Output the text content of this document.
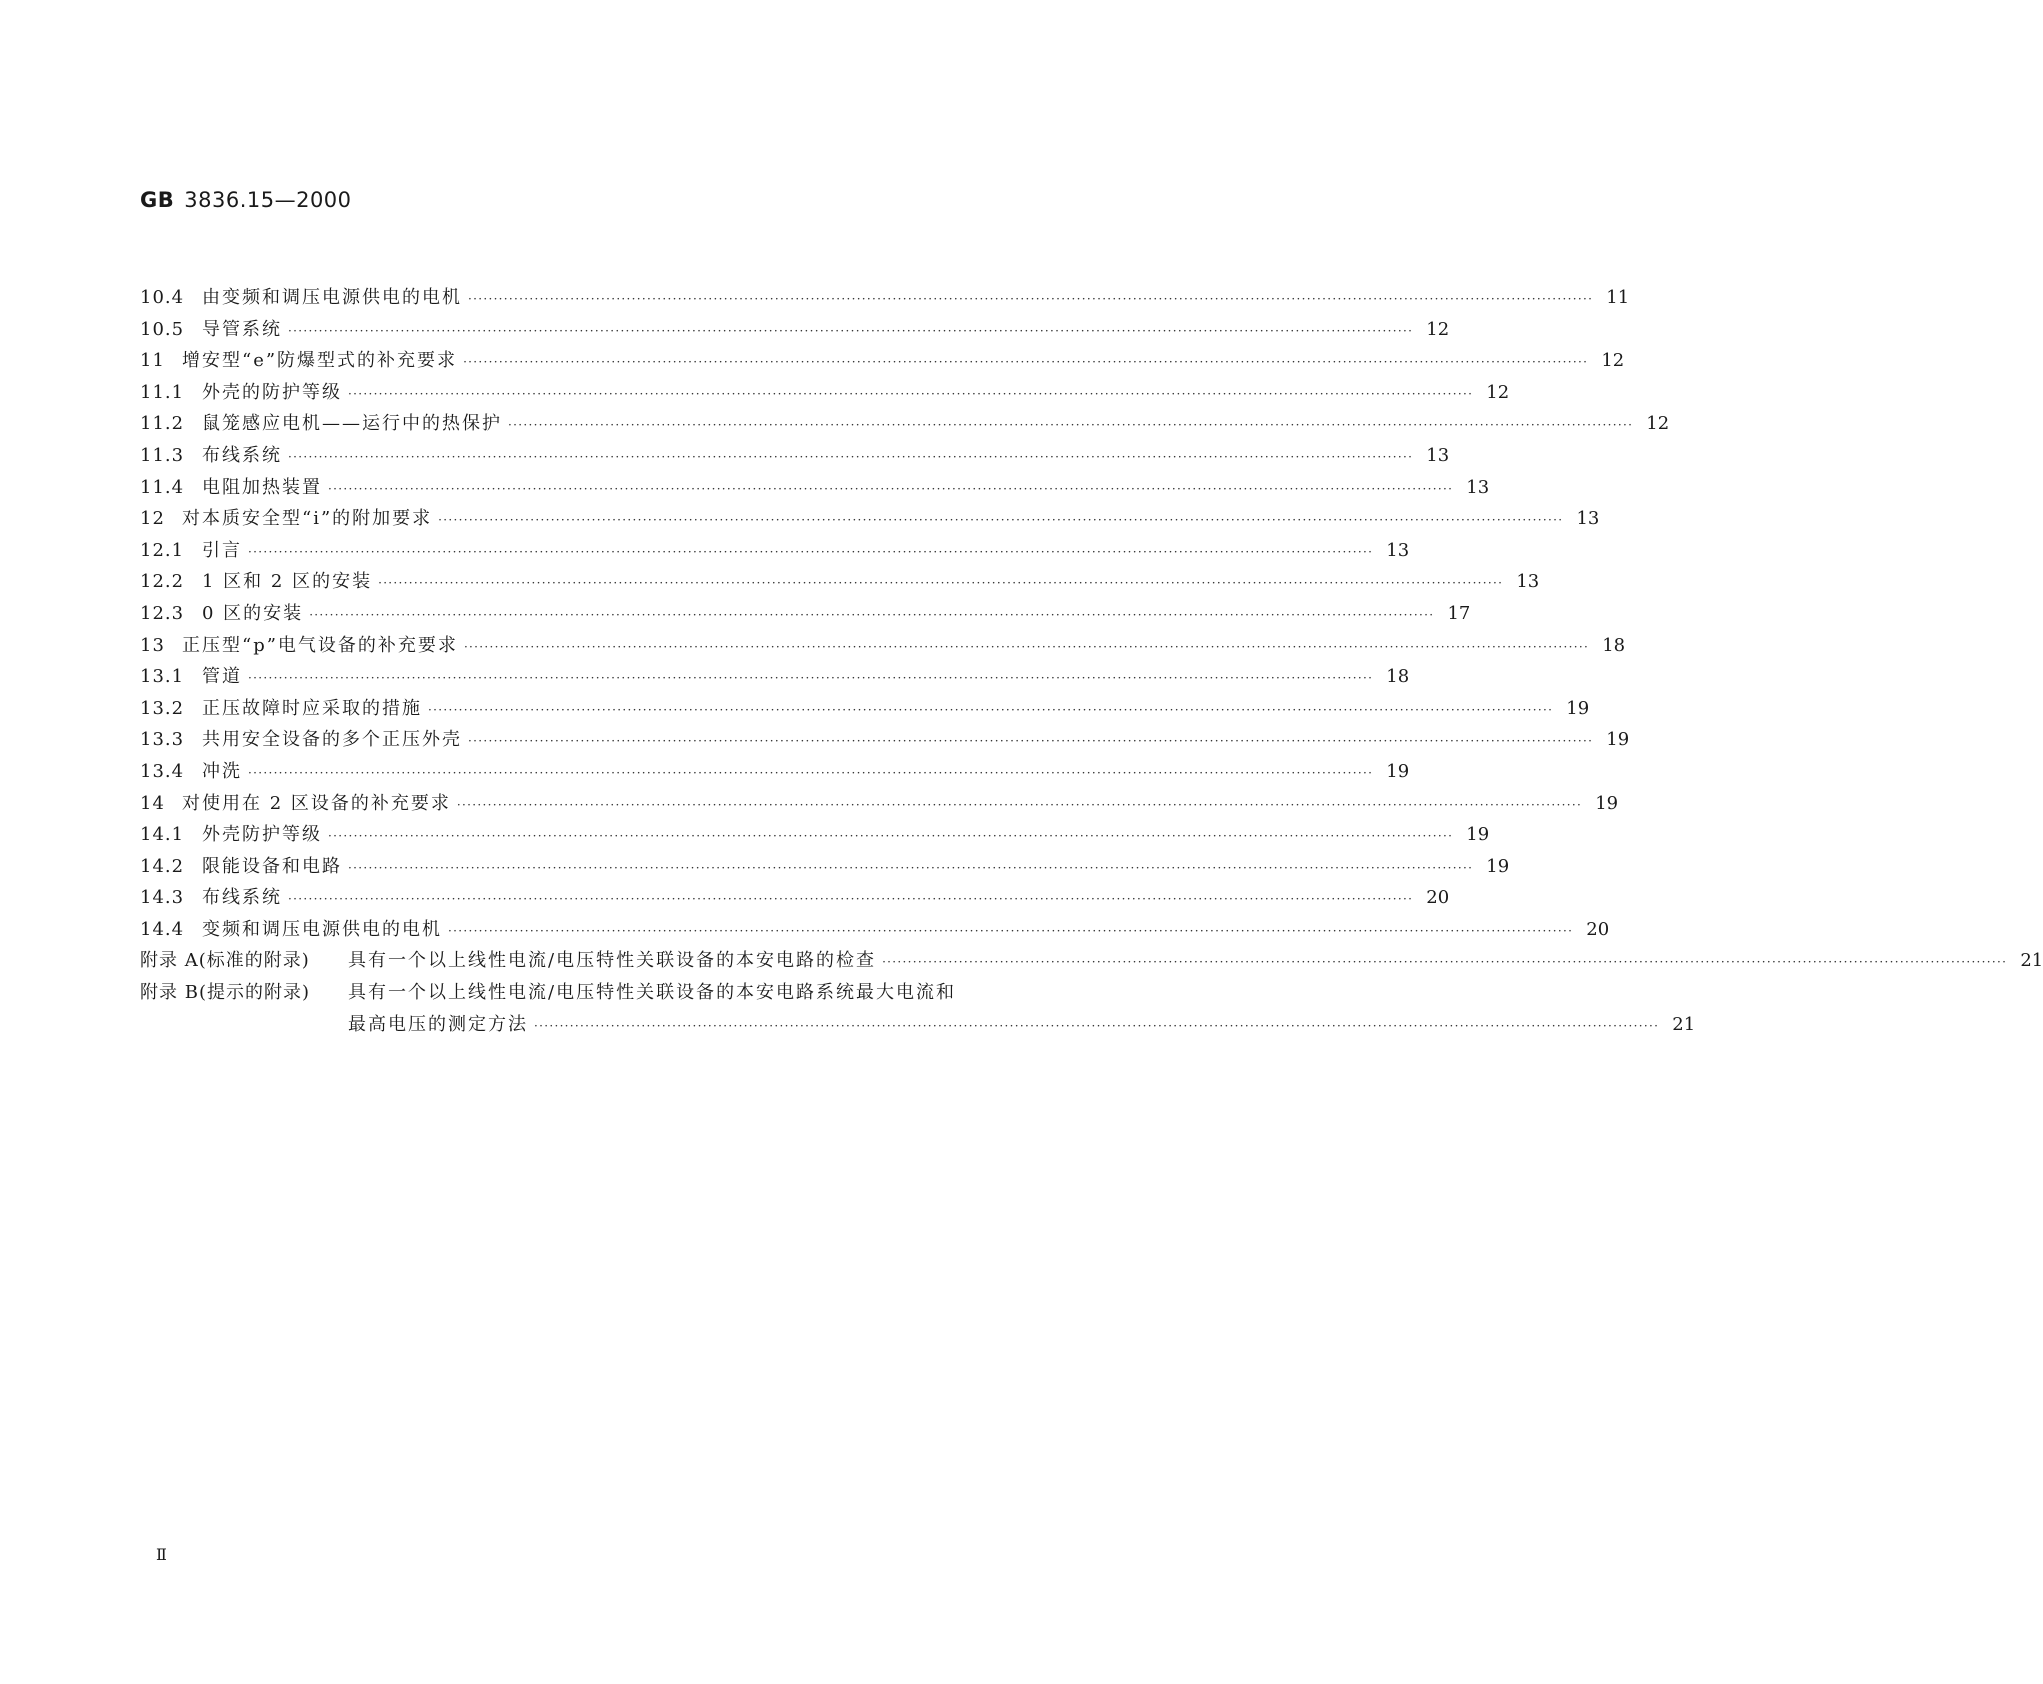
GB 3836.15—2000
10.4 由变频和调压电源供电的电机 ···························································································································································································································· 11
10.5 导管系统 ···························································································································································································································· 12
11 增安型“e”防爆型式的补充要求 ···························································································································································································································· 12
11.1 外壳的防护等级 ···························································································································································································································· 12
11.2 鼠笼感应电机——运行中的热保护 ···························································································································································································································· 12
11.3 布线系统 ···························································································································································································································· 13
11.4 电阻加热装置 ···························································································································································································································· 13
12 对本质安全型“i”的附加要求 ···························································································································································································································· 13
12.1 引言 ···························································································································································································································· 13
12.2 1 区和 2 区的安装 ···························································································································································································································· 13
12.3 0 区的安装 ···························································································································································································································· 17
13 正压型“p”电气设备的补充要求 ···························································································································································································································· 18
13.1 管道 ···························································································································································································································· 18
13.2 正压故障时应采取的措施 ···························································································································································································································· 19
13.3 共用安全设备的多个正压外壳 ···························································································································································································································· 19
13.4 冲洗 ···························································································································································································································· 19
14 对使用在 2 区设备的补充要求 ···························································································································································································································· 19
14.1 外壳防护等级 ···························································································································································································································· 19
14.2 限能设备和电路 ···························································································································································································································· 19
14.3 布线系统 ···························································································································································································································· 20
14.4 变频和调压电源供电的电机 ···························································································································································································································· 20
附录 A(标准的附录)	具有一个以上线性电流/电压特性关联设备的本安电路的检查 ···························································································································································································································· 21
附录 B(提示的附录)	具有一个以上线性电流/电压特性关联设备的本安电路系统最大电流和
最高电压的测定方法 ···························································································································································································································· 21
Ⅱ
